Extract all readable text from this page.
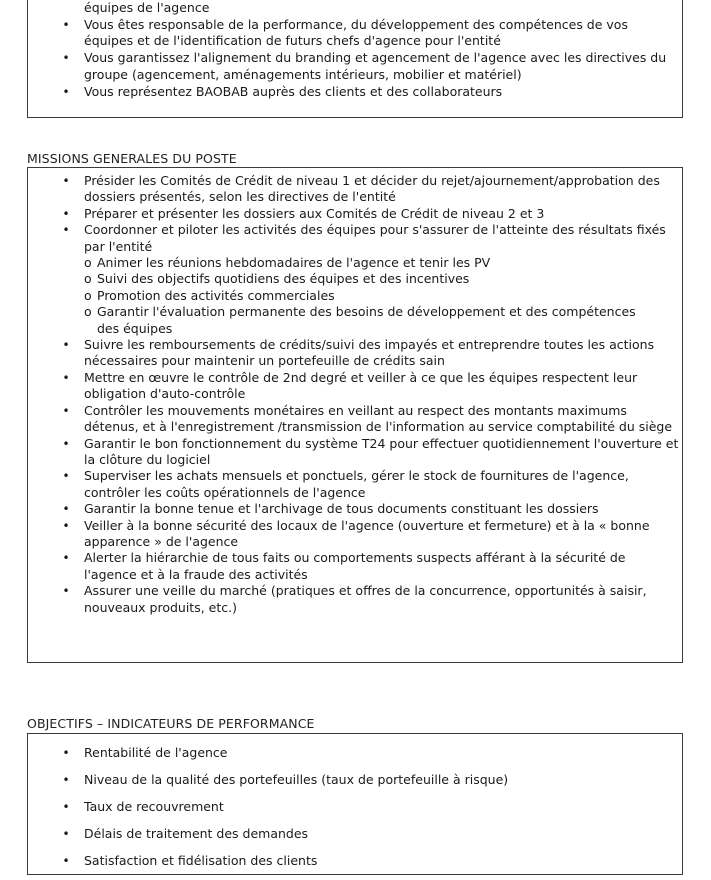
équipes de l'agence
• Vous êtes responsable de la performance, du développement des compétences de vos équipes et de l'identification de futurs chefs d'agence pour l'entité
• Vous garantissez l'alignement du branding et agencement de l'agence avec les directives du groupe (agencement, aménagements intérieurs, mobilier et matériel)
• Vous représentez BAOBAB auprès des clients et des collaborateurs
MISSIONS GENERALES DU POSTE
• Présider les Comités de Crédit de niveau 1 et décider du rejet/ajournement/approbation des
dossiers présentés, selon les directives de l'entité
• Préparer et présenter les dossiers aux Comités de Crédit de niveau 2 et 3
• Coordonner et piloter les activités des équipes pour s'assurer de l'atteinte des résultats fixés
par l'entité
o Animer les réunions hebdomadaires de l'agence et tenir les PV
o Suivi des objectifs quotidiens des équipes et des incentives
o Promotion des activités commerciales
o Garantir l'évaluation permanente des besoins de développement et des compétences
des équipes
• Suivre les remboursements de crédits/suivi des impayés et entreprendre toutes les actions
nécessaires pour maintenir un portefeuille de crédits sain
• Mettre en œuvre le contrôle de 2nd degré et veiller à ce que les équipes respectent leur
obligation d'auto-contrôle
• Contrôler les mouvements monétaires en veillant au respect des montants maximums
détenus, et à l'enregistrement /transmission de l'information au service comptabilité du siège
• Garantir le bon fonctionnement du système T24 pour effectuer quotidiennement l'ouverture et
la clôture du logiciel
• Superviser les achats mensuels et ponctuels, gérer le stock de fournitures de l'agence,
contrôler les coûts opérationnels de l'agence
• Garantir la bonne tenue et l'archivage de tous documents constituant les dossiers
• Veiller à la bonne sécurité des locaux de l'agence (ouverture et fermeture) et à la « bonne
apparence » de l'agence
• Alerter la hiérarchie de tous faits ou comportements suspects afférant à la sécurité de
l'agence et à la fraude des activités
• Assurer une veille du marché (pratiques et offres de la concurrence, opportunités à saisir,
nouveaux produits, etc.)
OBJECTIFS – INDICATEURS DE PERFORMANCE
• Rentabilité de l'agence
• Niveau de la qualité des portefeuilles (taux de portefeuille à risque)
• Taux de recouvrement
• Délais de traitement des demandes
• Satisfaction et fidélisation des clients
